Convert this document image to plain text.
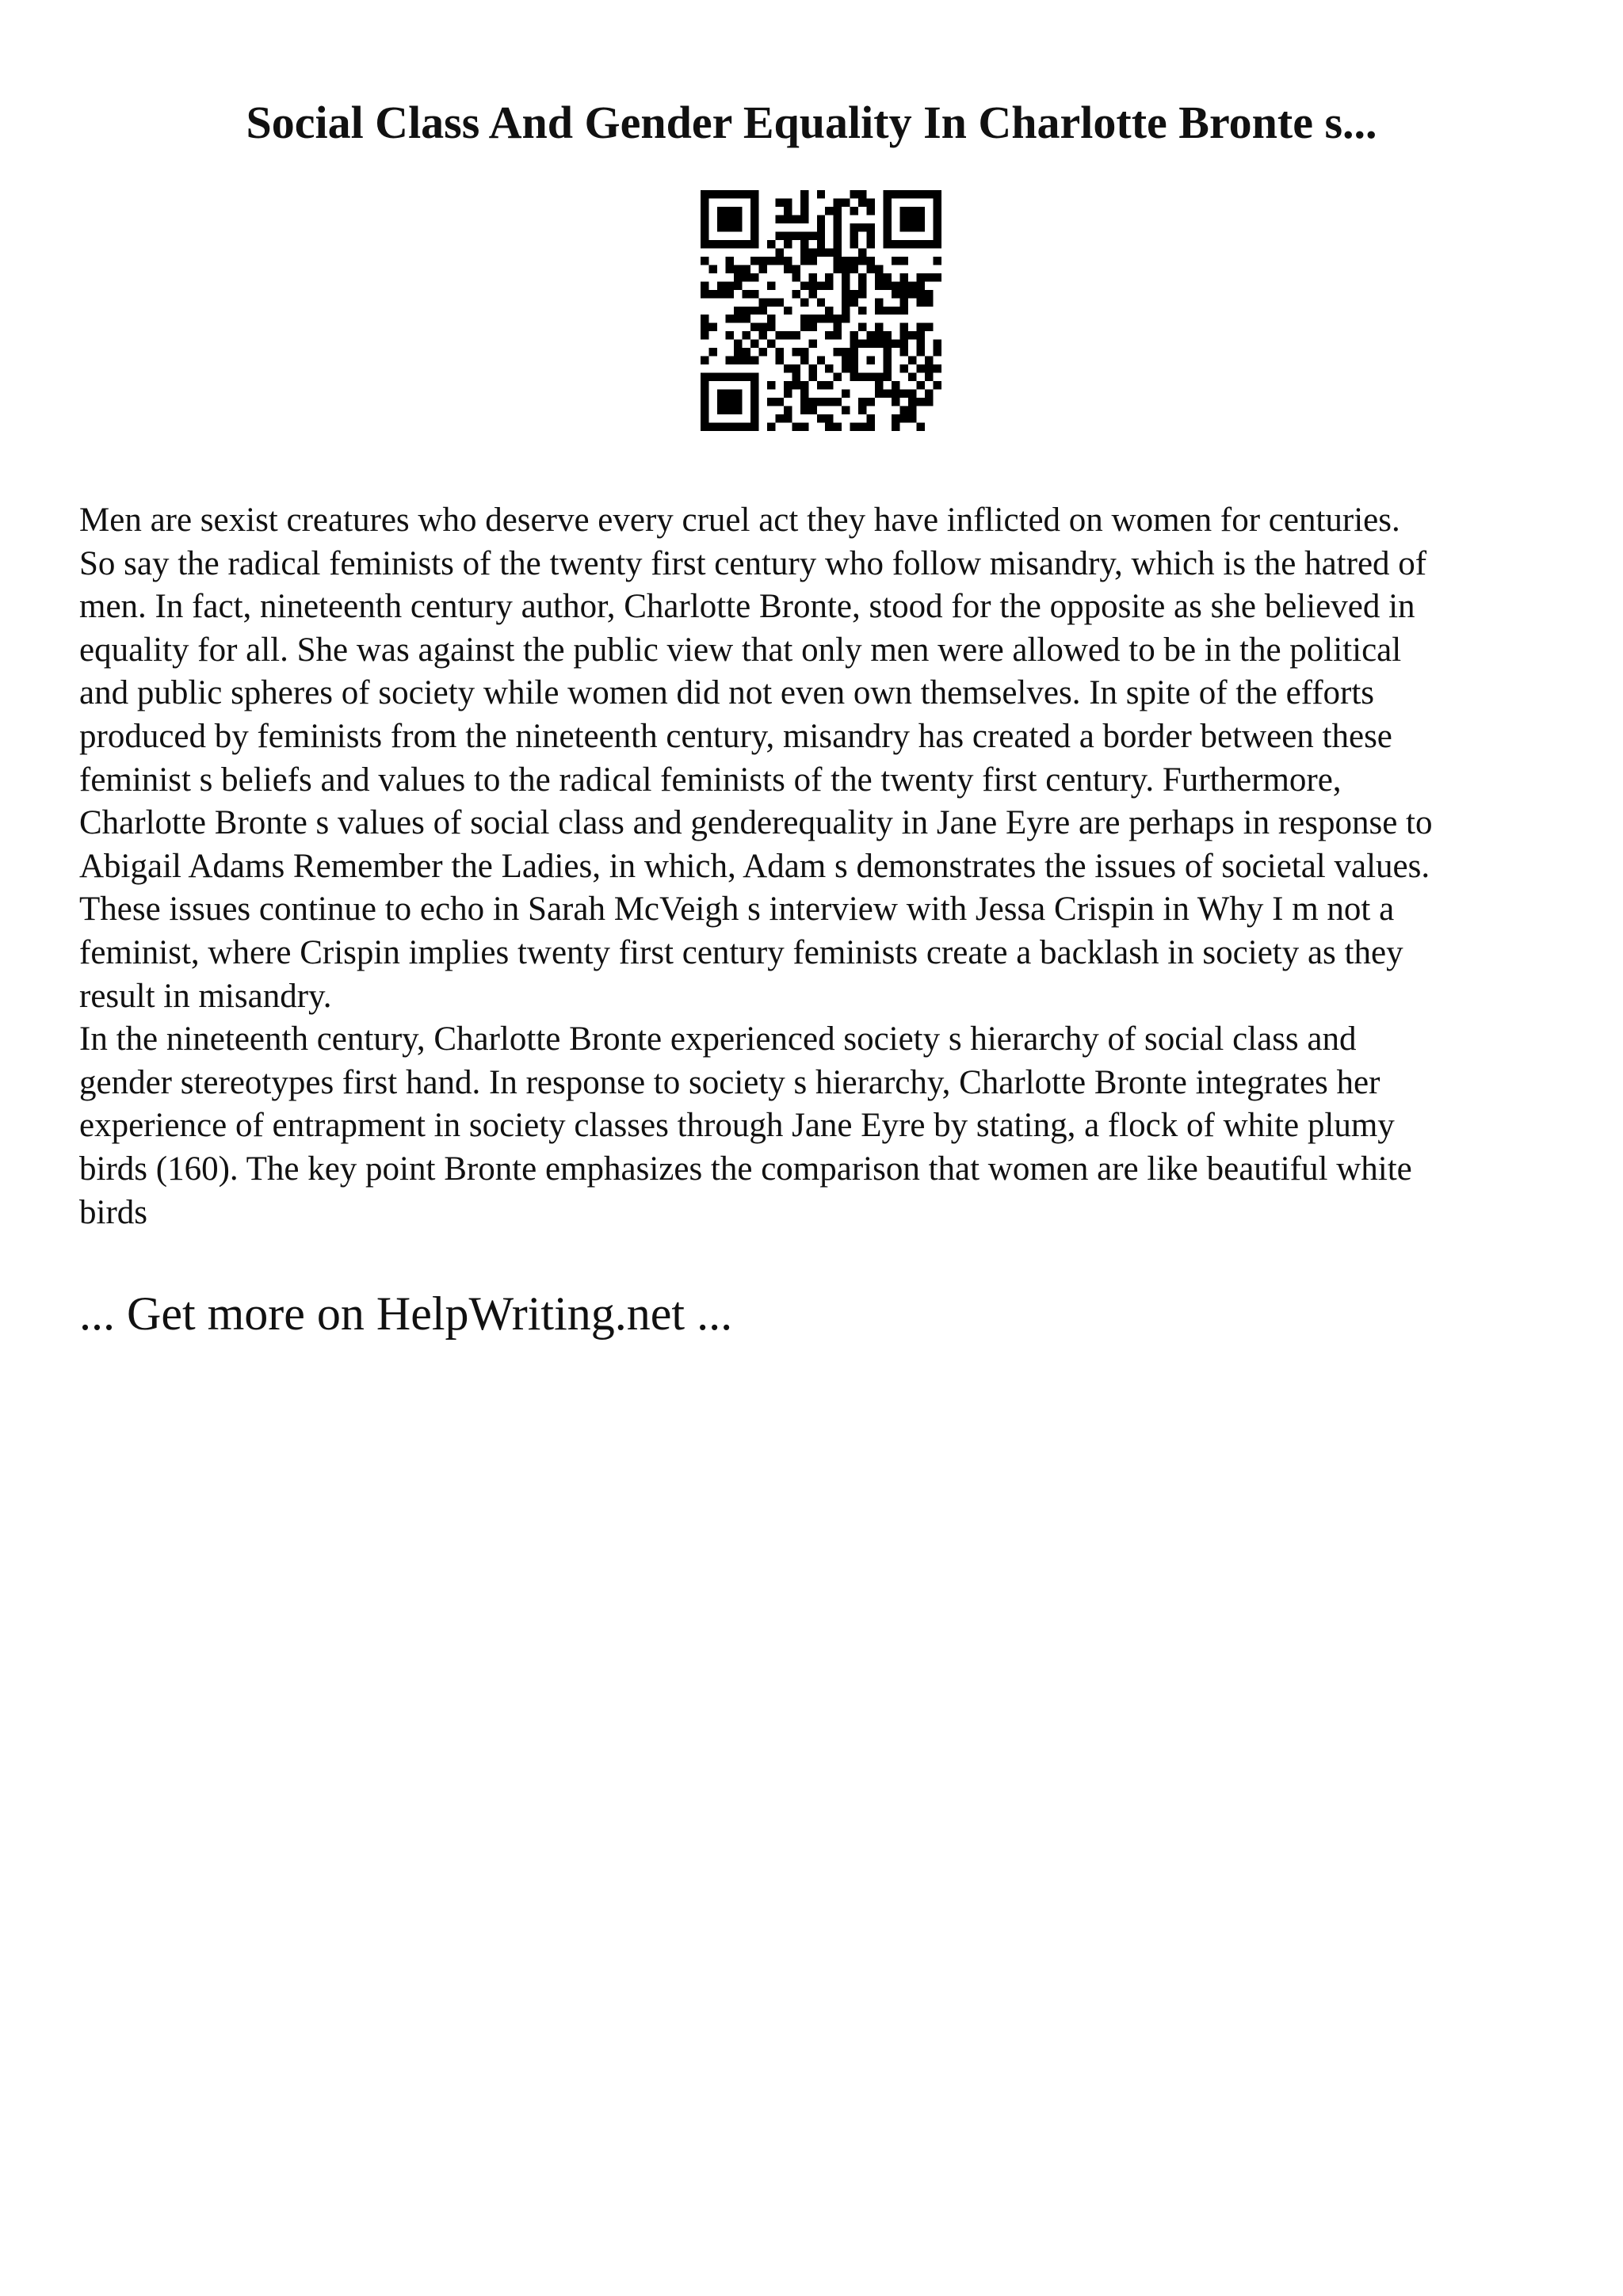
Social Class And Gender Equality In Charlotte Bronte s...

Men are sexist creatures who deserve every cruel act they have inflicted on women for centuries.
So say the radical feminists of the twenty first century who follow misandry, which is the hatred of
men. In fact, nineteenth century author, Charlotte Bronte, stood for the opposite as she believed in
equality for all. She was against the public view that only men were allowed to be in the political
and public spheres of society while women did not even own themselves. In spite of the efforts
produced by feminists from the nineteenth century, misandry has created a border between these
feminist s beliefs and values to the radical feminists of the twenty first century. Furthermore,
Charlotte Bronte s values of social class and genderequality in Jane Eyre are perhaps in response to
Abigail Adams Remember the Ladies, in which, Adam s demonstrates the issues of societal values.
These issues continue to echo in Sarah McVeigh s interview with Jessa Crispin in Why I m not a
feminist, where Crispin implies twenty first century feminists create a backlash in society as they
result in misandry.

In the nineteenth century, Charlotte Bronte experienced society s hierarchy of social class and
gender stereotypes first hand. In response to society s hierarchy, Charlotte Bronte integrates her
experience of entrapment in society classes through Jane Eyre by stating, a flock of white plumy
birds (160). The key point Bronte emphasizes the comparison that women are like beautiful white
birds

... Get more on HelpWriting.net ...
